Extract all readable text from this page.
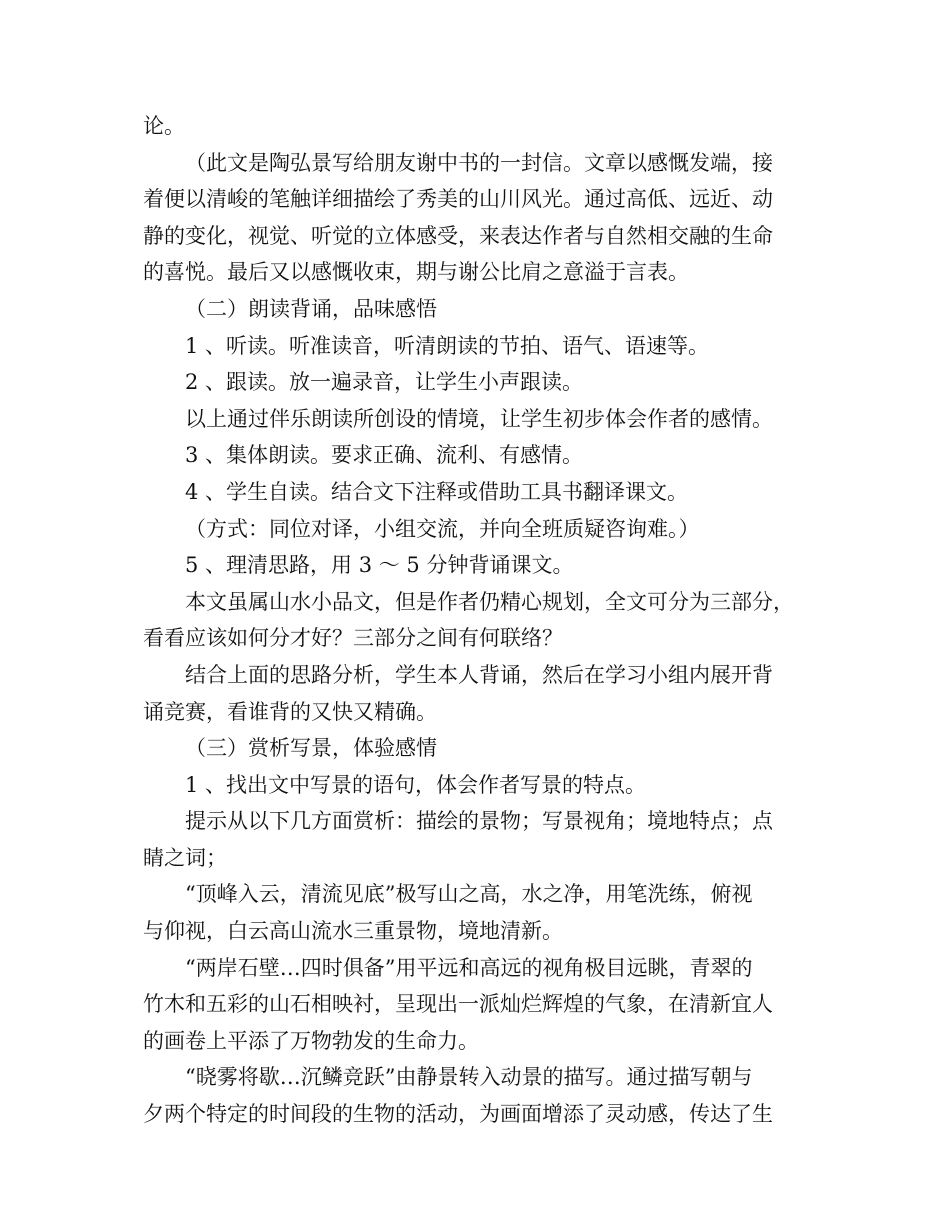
论。
（此文是陶弘景写给朋友谢中书的一封信。文章以感慨发端，接
着便以清峻的笔触详细描绘了秀美的山川风光。通过高低、远近、动
静的变化，视觉、听觉的立体感受，来表达作者与自然相交融的生命
的喜悦。最后又以感慨收束，期与谢公比肩之意溢于言表。
（二）朗读背诵，品味感悟
1 、听读。听准读音，听清朗读的节拍、语气、语速等。
2 、跟读。放一遍录音，让学生小声跟读。
以上通过伴乐朗读所创设的情境，让学生初步体会作者的感情。
3 、集体朗读。要求正确、流利、有感情。
4 、学生自读。结合文下注释或借助工具书翻译课文。
（方式：同位对译，小组交流，并向全班质疑咨询难。）
5 、理清思路，用 3 ～ 5 分钟背诵课文。
本文虽属山水小品文，但是作者仍精心规划，全文可分为三部分，
看看应该如何分才好？三部分之间有何联络？
结合上面的思路分析，学生本人背诵，然后在学习小组内展开背
诵竞赛，看谁背的又快又精确。
（三）赏析写景，体验感情
1 、找出文中写景的语句，体会作者写景的特点。
提示从以下几方面赏析：描绘的景物；写景视角；境地特点；点
睛之词；
“顶峰入云，清流见底”极写山之高，水之净，用笔洗练，俯视
与仰视，白云高山流水三重景物，境地清新。
“两岸石壁…四时俱备”用平远和高远的视角极目远眺，青翠的
竹木和五彩的山石相映衬，呈现出一派灿烂辉煌的气象，在清新宜人
的画卷上平添了万物勃发的生命力。
“晓雾将歇…沉鳞竞跃”由静景转入动景的描写。通过描写朝与
夕两个特定的时间段的生物的活动，为画面增添了灵动感，传达了生
